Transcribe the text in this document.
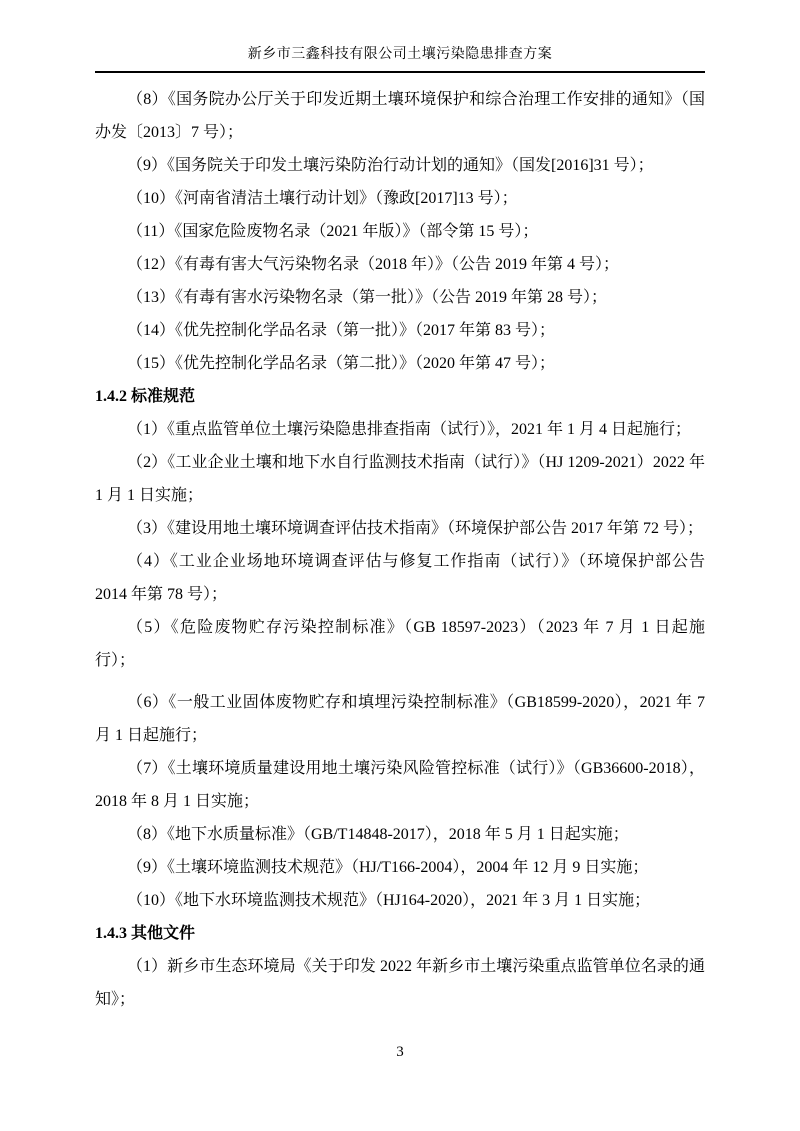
新乡市三鑫科技有限公司土壤污染隐患排查方案

（8）《国务院办公厅关于印发近期土壤环境保护和综合治理工作安排的通知》（国办发〔2013〕7 号）；

（9）《国务院关于印发土壤污染防治行动计划的通知》（国发[2016]31 号）；

（10）《河南省清洁土壤行动计划》（豫政[2017]13 号）；

（11）《国家危险废物名录（2021 年版）》（部令第 15 号）；

（12）《有毒有害大气污染物名录（2018 年）》（公告 2019 年第 4 号）；

（13）《有毒有害水污染物名录（第一批）》（公告 2019 年第 28 号）；

（14）《优先控制化学品名录（第一批）》（2017 年第 83 号）；

（15）《优先控制化学品名录（第二批）》（2020 年第 47 号）；

1.4.2 标准规范

（1）《重点监管单位土壤污染隐患排查指南（试行）》，2021 年 1 月 4 日起施行；

（2）《工业企业土壤和地下水自行监测技术指南（试行）》（HJ 1209-2021）2022 年 1 月 1 日实施；

（3）《建设用地土壤环境调查评估技术指南》（环境保护部公告 2017 年第 72 号）；

（4）《工业企业场地环境调查评估与修复工作指南（试行）》（环境保护部公告 2014 年第 78 号）；

（5）《危险废物贮存污染控制标准》（GB 18597-2023）（2023 年 7 月 1 日起施行）；

（6）《一般工业固体废物贮存和填埋污染控制标准》（GB18599-2020），2021 年 7 月 1 日起施行；

（7）《土壤环境质量建设用地土壤污染风险管控标准（试行）》（GB36600-2018），2018 年 8 月 1 日实施；

（8）《地下水质量标准》（GB/T14848-2017），2018 年 5 月 1 日起实施；

（9）《土壤环境监测技术规范》（HJ/T166-2004），2004 年 12 月 9 日实施；

（10）《地下水环境监测技术规范》（HJ164-2020），2021 年 3 月 1 日实施；

1.4.3 其他文件

（1）新乡市生态环境局《关于印发 2022 年新乡市土壤污染重点监管单位名录的通知》；

3
